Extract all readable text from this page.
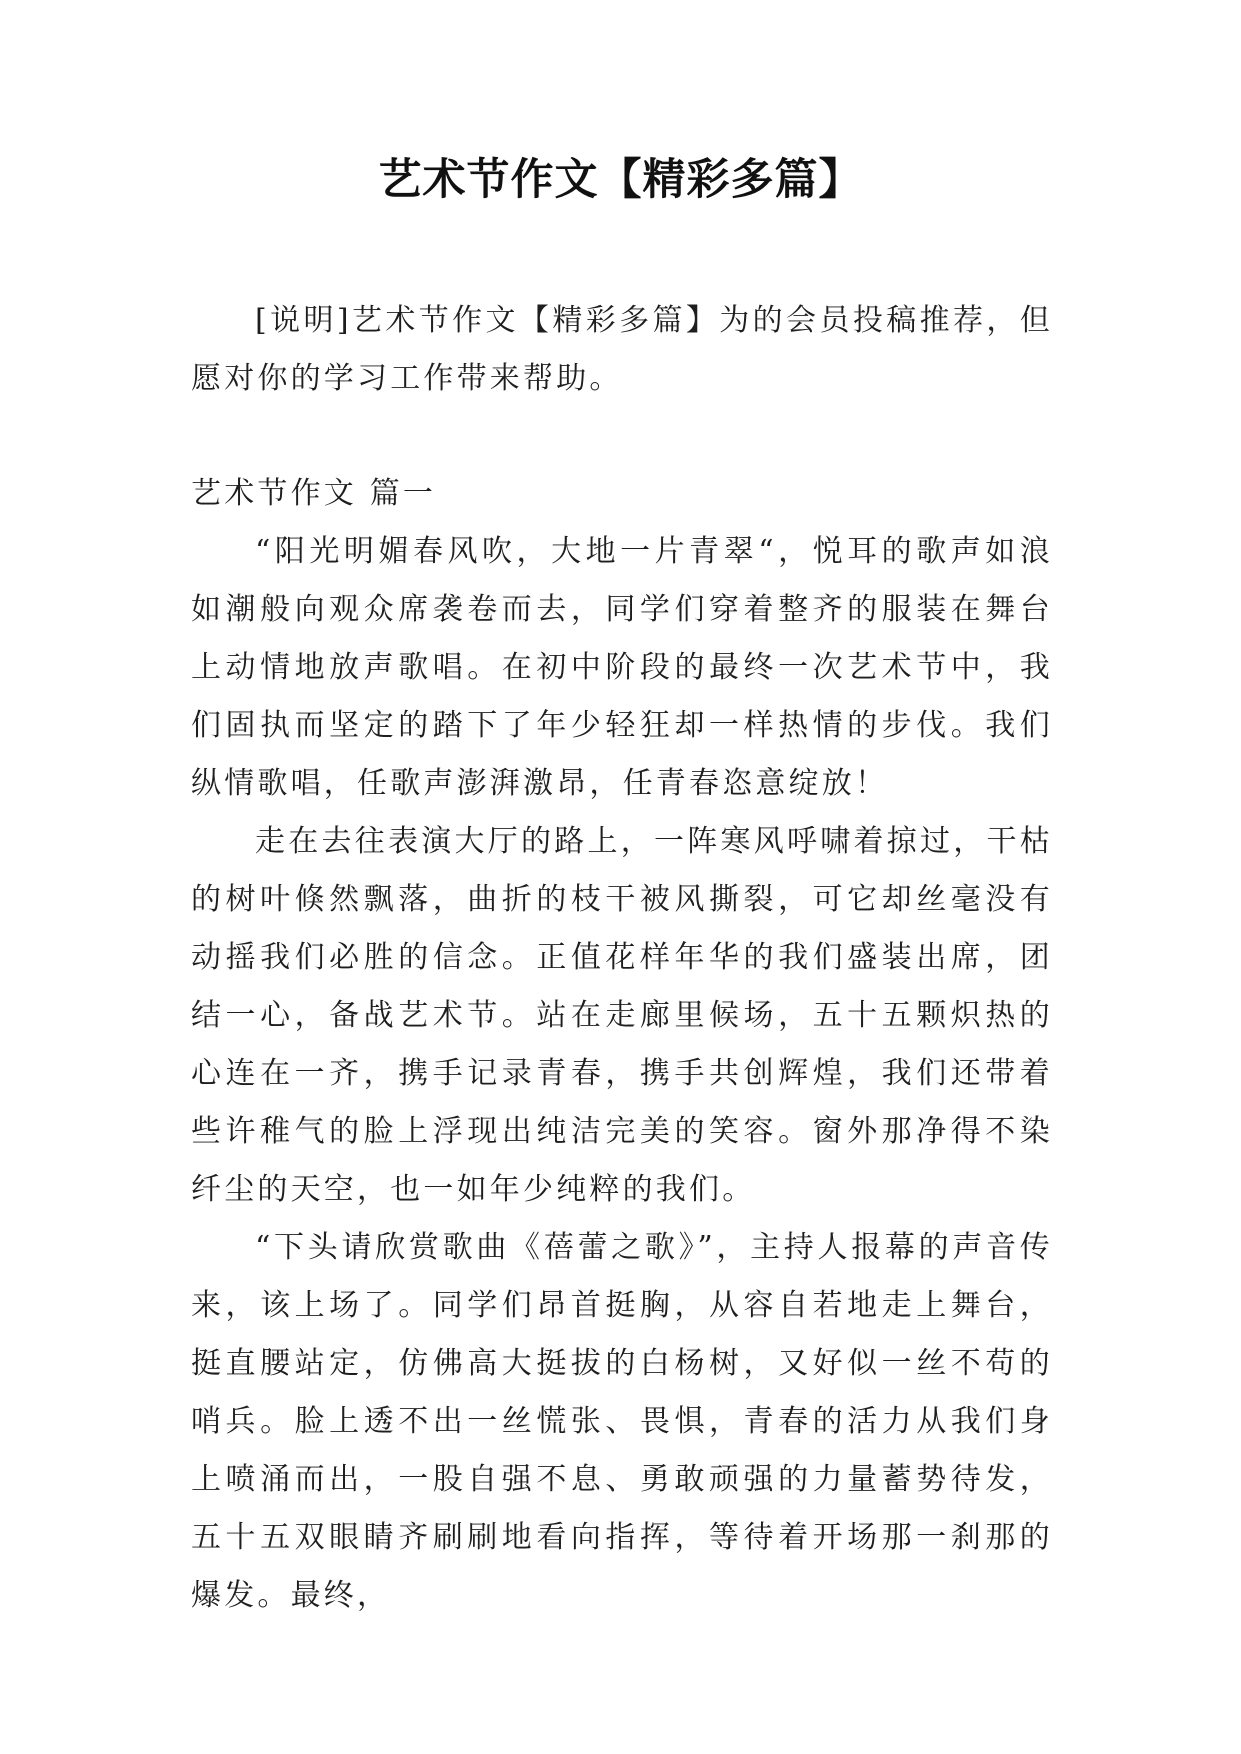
艺术节作文【精彩多篇】

[说明]艺术节作文【精彩多篇】为的会员投稿推荐，但愿对你的学习工作带来帮助。

艺术节作文 篇一

“阳光明媚春风吹，大地一片青翠“，悦耳的歌声如浪如潮般向观众席袭卷而去，同学们穿着整齐的服装在舞台上动情地放声歌唱。在初中阶段的最终一次艺术节中，我们固执而坚定的踏下了年少轻狂却一样热情的步伐。我们纵情歌唱，任歌声澎湃激昂，任青春恣意绽放！

走在去往表演大厅的路上，一阵寒风呼啸着掠过，干枯的树叶倏然飘落，曲折的枝干被风撕裂，可它却丝毫没有动摇我们必胜的信念。正值花样年华的我们盛装出席，团结一心，备战艺术节。站在走廊里候场，五十五颗炽热的心连在一齐，携手记录青春，携手共创辉煌，我们还带着些许稚气的脸上浮现出纯洁完美的笑容。窗外那净得不染纤尘的天空，也一如年少纯粹的我们。

“下头请欣赏歌曲《蓓蕾之歌》”，主持人报幕的声音传来，该上场了。同学们昂首挺胸，从容自若地走上舞台，挺直腰站定，仿佛高大挺拔的白杨树，又好似一丝不苟的哨兵。脸上透不出一丝慌张、畏惧，青春的活力从我们身上喷涌而出，一股自强不息、勇敢顽强的力量蓄势待发，五十五双眼睛齐刷刷地看向指挥，等待着开场那一刹那的爆发。最终，
